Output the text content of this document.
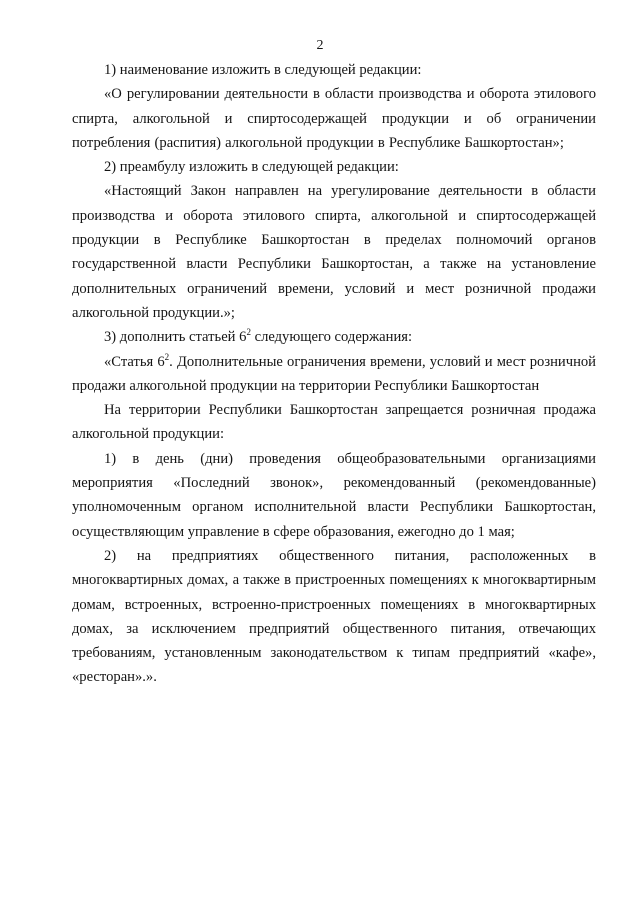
2

1) наименование изложить в следующей редакции:

«О регулировании деятельности в области производства и оборота этилового спирта, алкогольной и спиртосодержащей продукции и об ограничении потребления (распития) алкогольной продукции в Республике Башкортостан»;

2) преамбулу изложить в следующей редакции:

«Настоящий Закон направлен на урегулирование деятельности в области производства и оборота этилового спирта, алкогольной и спиртосодержащей продукции в Республике Башкортостан в пределах полномочий органов государственной власти Республики Башкортостан, а также на установление дополнительных ограничений времени, условий и мест розничной продажи алкогольной продукции.»;

3) дополнить статьей $6^2$ следующего содержания:

«Статья $6^2$. Дополнительные ограничения времени, условий и мест розничной продажи алкогольной продукции на территории Республики Башкортостан

На территории Республики Башкортостан запрещается розничная продажа алкогольной продукции:

1) в день (дни) проведения общеобразовательными организациями мероприятия «Последний звонок», рекомендованный (рекомендованные) уполномоченным органом исполнительной власти Республики Башкортостан, осуществляющим управление в сфере образования, ежегодно до 1 мая;

2) на предприятиях общественного питания, расположенных в многоквартирных домах, а также в пристроенных помещениях к многоквартирным домам, встроенных, встроенно-пристроенных помещениях в многоквартирных домах, за исключением предприятий общественного питания, отвечающих требованиям, установленным законодательством к типам предприятий «кафе», «ресторан».».
